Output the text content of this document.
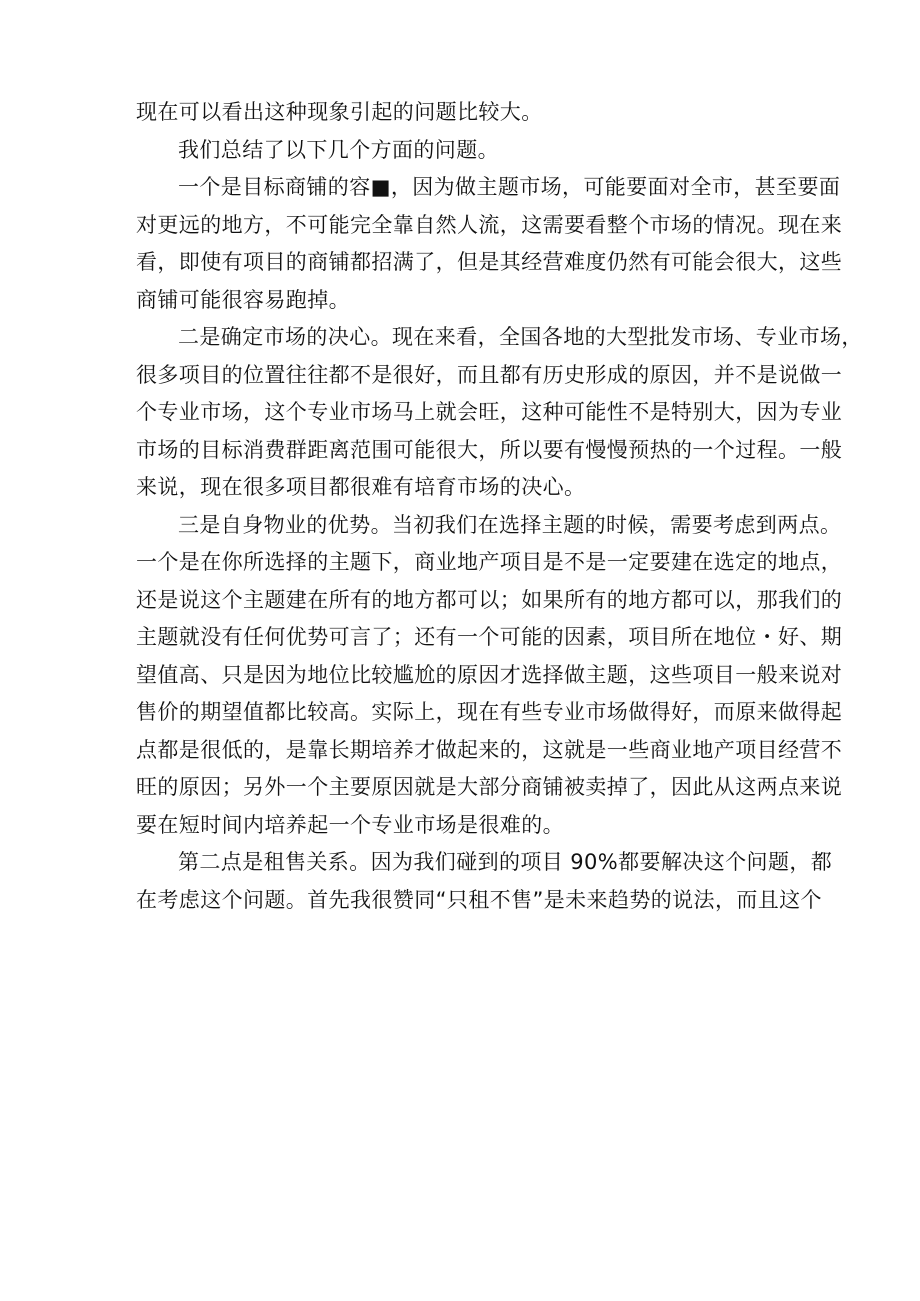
现在可以看出这种现象引起的问题比较大。
我们总结了以下几个方面的问题。
一个是目标商铺的容■，因为做主题市场，可能要面对全市，甚至要面
对更远的地方，不可能完全靠自然人流，这需要看整个市场的情况。现在来
看，即使有项目的商铺都招满了，但是其经营难度仍然有可能会很大，这些
商铺可能很容易跑掉。
二是确定市场的决心。现在来看，全国各地的大型批发市场、专业市场，
很多项目的位置往往都不是很好，而且都有历史形成的原因，并不是说做一
个专业市场，这个专业市场马上就会旺，这种可能性不是特别大，因为专业
市场的目标消费群距离范围可能很大，所以要有慢慢预热的一个过程。一般
来说，现在很多项目都很难有培育市场的决心。
三是自身物业的优势。当初我们在选择主题的时候，需要考虑到两点。
一个是在你所选择的主题下，商业地产项目是不是一定要建在选定的地点，
还是说这个主题建在所有的地方都可以；如果所有的地方都可以，那我们的
主题就没有任何优势可言了；还有一个可能的因素，项目所在地位・好、期
望值高、只是因为地位比较尴尬的原因才选择做主题，这些项目一般来说对
售价的期望值都比较高。实际上，现在有些专业市场做得好，而原来做得起
点都是很低的，是靠长期培养才做起来的，这就是一些商业地产项目经营不
旺的原因；另外一个主要原因就是大部分商铺被卖掉了，因此从这两点来说
要在短时间内培养起一个专业市场是很难的。
第二点是租售关系。因为我们碰到的项目 90%都要解决这个问题，都
在考虑这个问题。首先我很赞同“只租不售”是未来趋势的说法，而且这个
